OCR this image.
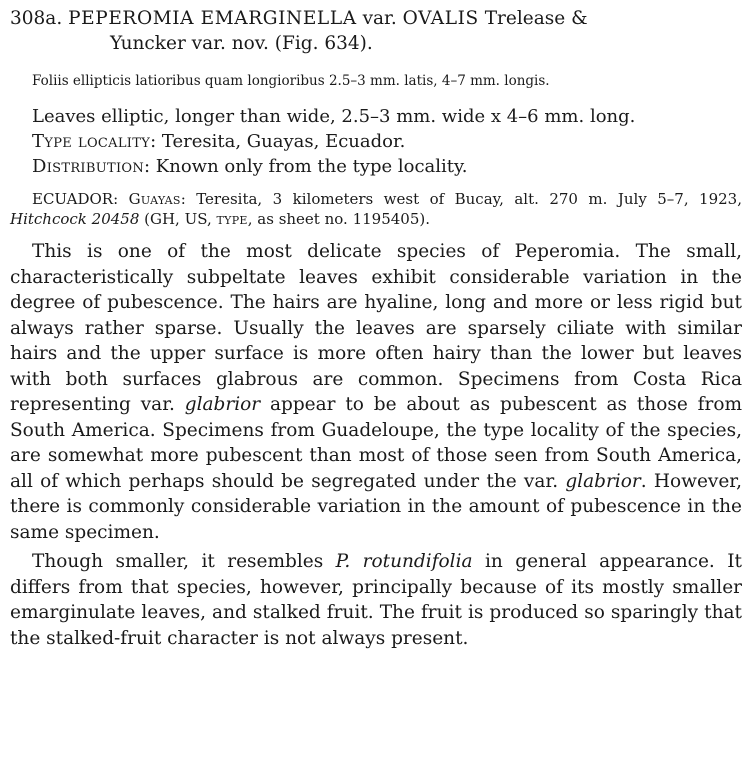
308a. PEPEROMIA EMARGINELLA var. OVALIS Trelease &
Yuncker var. nov. (Fig. 634).

Foliis ellipticis latioribus quam longioribus 2.5–3 mm. latis, 4–7 mm. longis.

Leaves elliptic, longer than wide, 2.5–3 mm. wide x 4–6 mm. long.

Type locality: Teresita, Guayas, Ecuador.

Distribution: Known only from the type locality.

ECUADOR: Guayas: Teresita, 3 kilometers west of Bucay, alt. 270 m. July 5–7, 1923, Hitchcock 20458 (GH, US, type, as sheet no. 1195405).

This is one of the most delicate species of Peperomia. The small, characteristically subpeltate leaves exhibit considerable variation in the degree of pubescence. The hairs are hyaline, long and more or less rigid but always rather sparse. Usually the leaves are sparsely ciliate with similar hairs and the upper surface is more often hairy than the lower but leaves with both surfaces glabrous are common. Specimens from Costa Rica representing var. glabrior appear to be about as pubescent as those from South America. Specimens from Guadeloupe, the type locality of the species, are somewhat more pubescent than most of those seen from South America, all of which perhaps should be segregated under the var. glabrior. However, there is commonly considerable variation in the amount of pubescence in the same specimen.

Though smaller, it resembles P. rotundifolia in general appearance. It differs from that species, however, principally because of its mostly smaller emarginulate leaves, and stalked fruit. The fruit is produced so sparingly that the stalked-fruit character is not always present.
